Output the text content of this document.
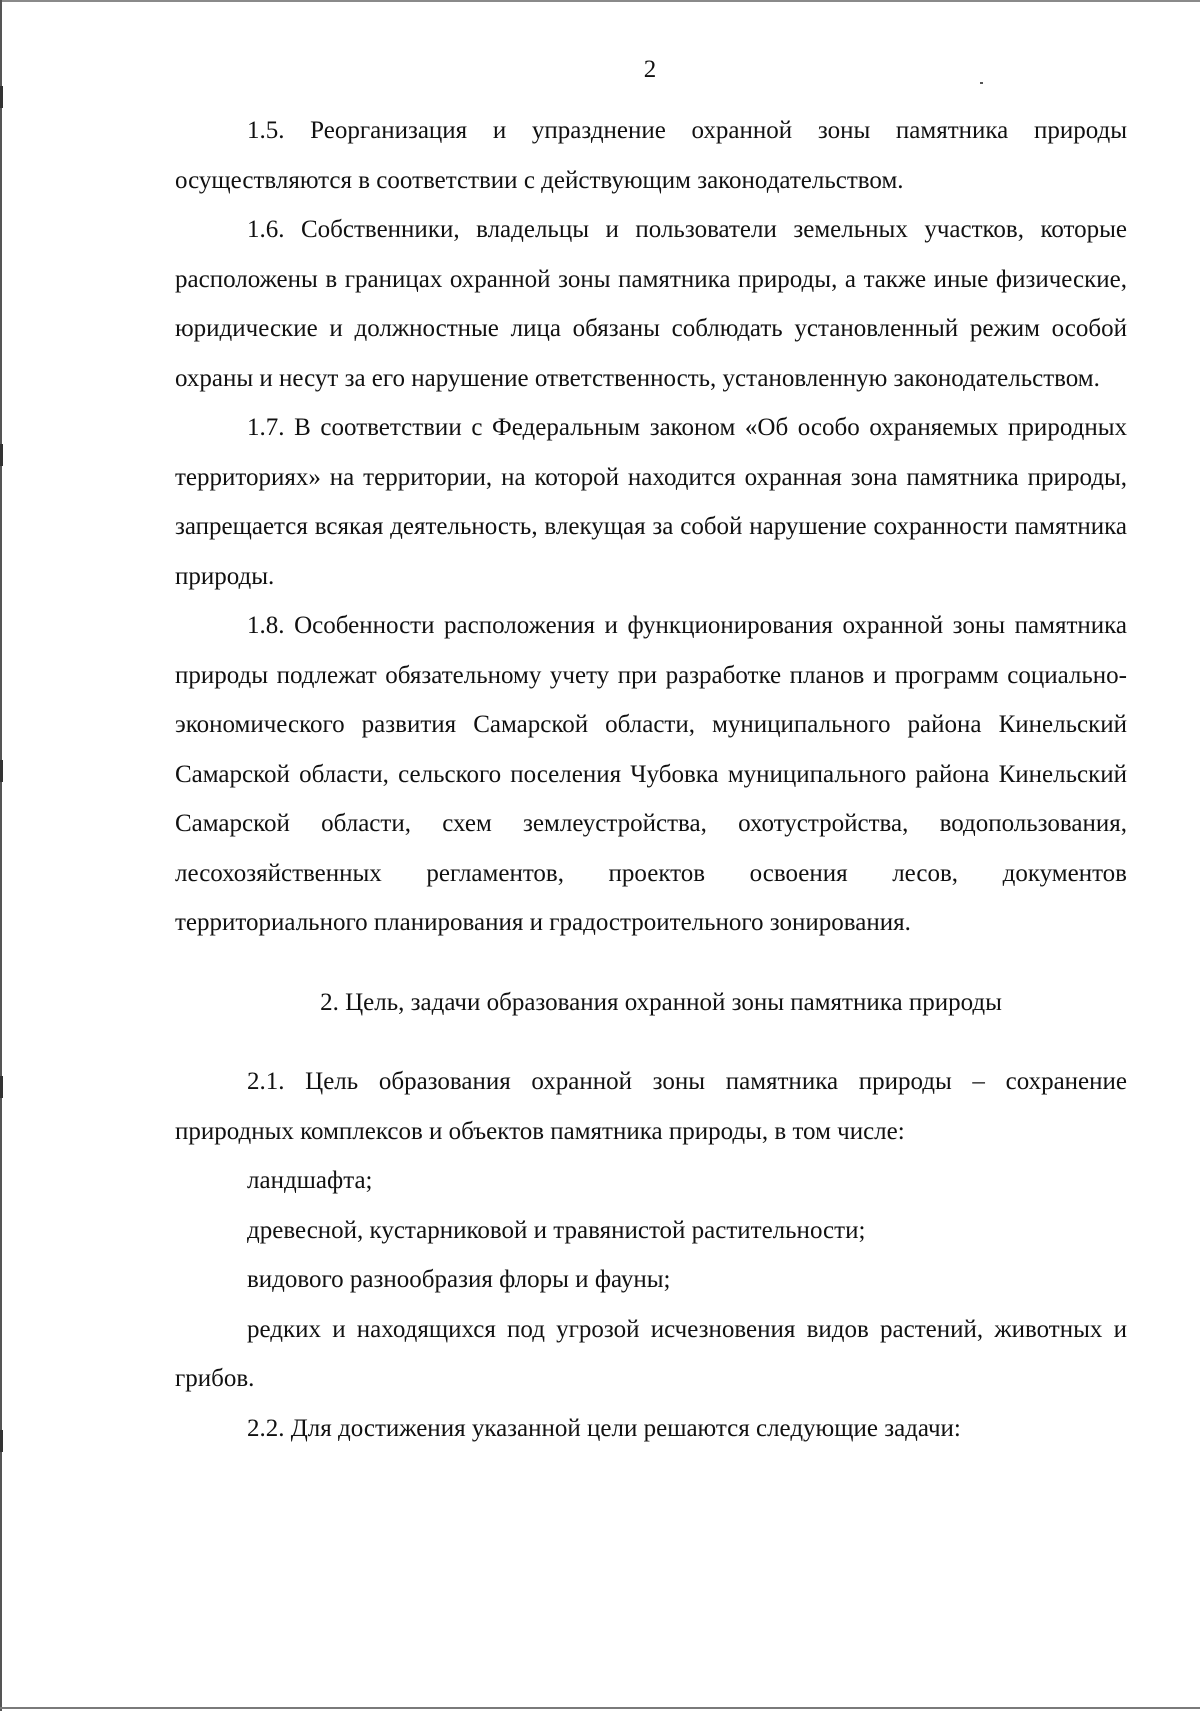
2

1.5. Реорганизация и упразднение охранной зоны памятника природы осуществляются в соответствии с действующим законодательством.

1.6. Собственники, владельцы и пользователи земельных участков, которые расположены в границах охранной зоны памятника природы, а также иные физические, юридические и должностные лица обязаны соблюдать установленный режим особой охраны и несут за его нарушение ответственность, установленную законодательством.

1.7. В соответствии с Федеральным законом «Об особо охраняемых природных территориях» на территории, на которой находится охранная зона памятника природы, запрещается всякая деятельность, влекущая за собой нарушение сохранности памятника природы.

1.8. Особенности расположения и функционирования охранной зоны памятника природы подлежат обязательному учету при разработке планов и программ социально-экономического развития Самарской области, муниципального района Кинельский Самарской области, сельского поселения Чубовка муниципального района Кинельский Самарской области, схем землеустройства, охотустройства, водопользования, лесохозяйственных регламентов, проектов освоения лесов, документов территориального планирования и градостроительного зонирования.

2. Цель, задачи образования охранной зоны памятника природы

2.1. Цель образования охранной зоны памятника природы – сохранение природных комплексов и объектов памятника природы, в том числе:

ландшафта;

древесной, кустарниковой и травянистой растительности;

видового разнообразия флоры и фауны;

редких и находящихся под угрозой исчезновения видов растений, животных и грибов.

2.2. Для достижения указанной цели решаются следующие задачи:
